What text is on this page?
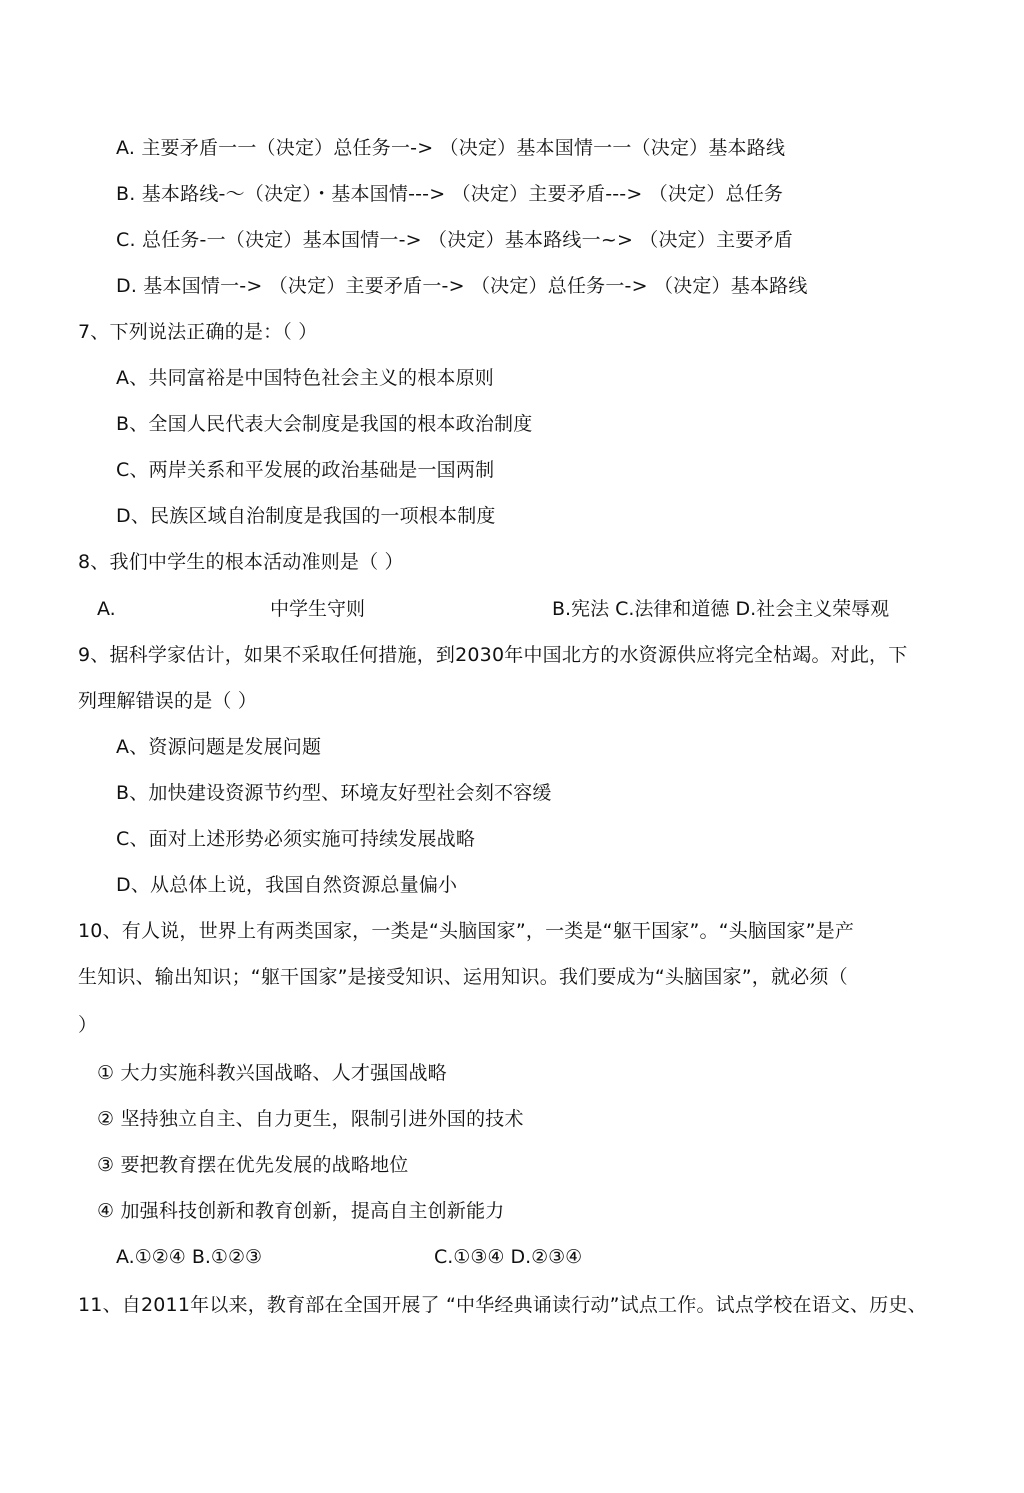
A. 主要矛盾一一（决定）总任务一-> （决定）基本国情一一（决定）基本路线
B. 基本路线-～（决定）・基本国情---> （决定）主要矛盾---> （决定）总任务
C. 总任务-一（决定）基本国情一-> （决定）基本路线一~> （决定）主要矛盾
D. 基本国情一-> （决定）主要矛盾一-> （决定）总任务一-> （决定）基本路线
7、下列说法正确的是：（ ）
A、共同富裕是中国特色社会主义的根本原则
B、全国人民代表大会制度是我国的根本政治制度
C、两岸关系和平发展的政治基础是一国两制
D、民族区域自治制度是我国的一项根本制度
8、我们中学生的根本活动准则是（ ）
A.	中学生守则	B.宪法 C.法律和道德 D.社会主义荣辱观
9、据科学家估计，如果不采取任何措施，到2030年中国北方的水资源供应将完全枯竭。对此，下
列理解错误的是（ ）
A、资源问题是发展问题
B、加快建设资源节约型、环境友好型社会刻不容缓
C、面对上述形势必须实施可持续发展战略
D、从总体上说，我国自然资源总量偏小
10、有人说，世界上有两类国家，一类是“头脑国家”，一类是“躯干国家”。“头脑国家”是产
生知识、输出知识；“躯干国家”是接受知识、运用知识。我们要成为“头脑国家”，就必须（
）
① 大力实施科教兴国战略、人才强国战略
② 坚持独立自主、自力更生，限制引进外国的技术
③ 要把教育摆在优先发展的战略地位
④ 加强科技创新和教育创新，提高自主创新能力
A.①②④ B.①②③	C.①③④ D.②③④
11、自2011年以来，教育部在全国开展了 “中华经典诵读行动”试点工作。试点学校在语文、历史、
